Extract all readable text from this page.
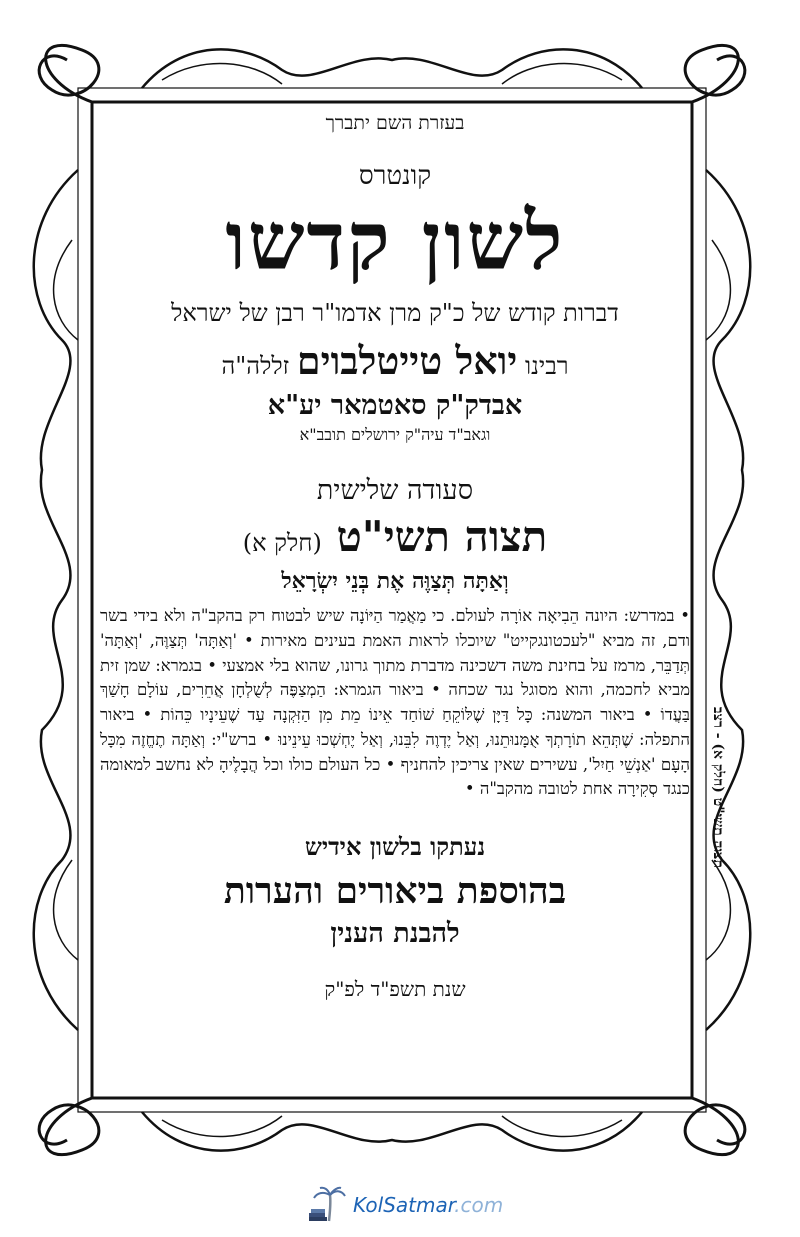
בעזרת השם יתברך

קונטרס

לשון קדשו

דברות קודש של כ"ק מרן אדמו"ר רבן של ישראל

רבינו יואל טייטלבוים זללה"ה

אבדק"ק סאטמאר יע"א

וגאב"ד עיה"ק ירושלים תובב"א

סעודה שלישית

תצוה תשי"ט (חלק א)

וְאַתָּה תְּצַוֶּה אֶת בְּנֵי יִשְׂרָאֵל

• במדרש: היונה הֵבִיאָה אוֹרָה לעולם. כי מַאֲמַר הַיּוֹנָה שיש לבטוח רק בהקב"ה ולא בידי בשר ודם, זה מביא "לעכטונגקייט" שיוכלו לראות האמת בעינים מאירות • 'וְאַתָּה' תְּצַוֶּה, 'וְאַתָּה' תְּדַבֵּר, מרמז על בחינת משה דשכינה מדברת מתוך גרונו, שהוא בלי אמצעי • בגמרא: שמן זית מביא לחכמה, והוא מסוגל נגד שכחה • ביאור הגמרא: הַמְצַפֶּה לְשֻׁלְחָן אֲחֵרִים, עוֹלָם חָשַׁךְ בַּעֲדוֹ • ביאור המשנה: כָּל דַּיָּן שֶׁלּוֹקֵחַ שׁוֹחַד אֵינוֹ מֵת מִן הַזִּקְנָה עַד שֶׁעֵינָיו כֵּהוֹת • ביאור התפלה: שֶׁתְּהֵא תוֹרָתְךָ אֻמָּנוּתֵנוּ, וְאַל יֶדְוֶה לִבֵּנוּ, וְאַל יֶחְשְׁכוּ עֵינֵינוּ • ברש"י: וְאַתָּה תֶחֱזֶה מִכָּל הָעָם 'אַנְשֵׁי חַיִל', עשירים שאין צריכין להחניף • כל העולם כולו וכל הֲבָלֶיהָ לא נחשב למאומה כנגד סְקִירָה אחת לטובה מהקב"ה •

נעתקו בלשון אידיש

בהוספת ביאורים והערות

להבנת הענין

שנת תשפ"ד לפ"ק

תצוה תשי"ט (חלק א) - רצב
KolSatmar.com
